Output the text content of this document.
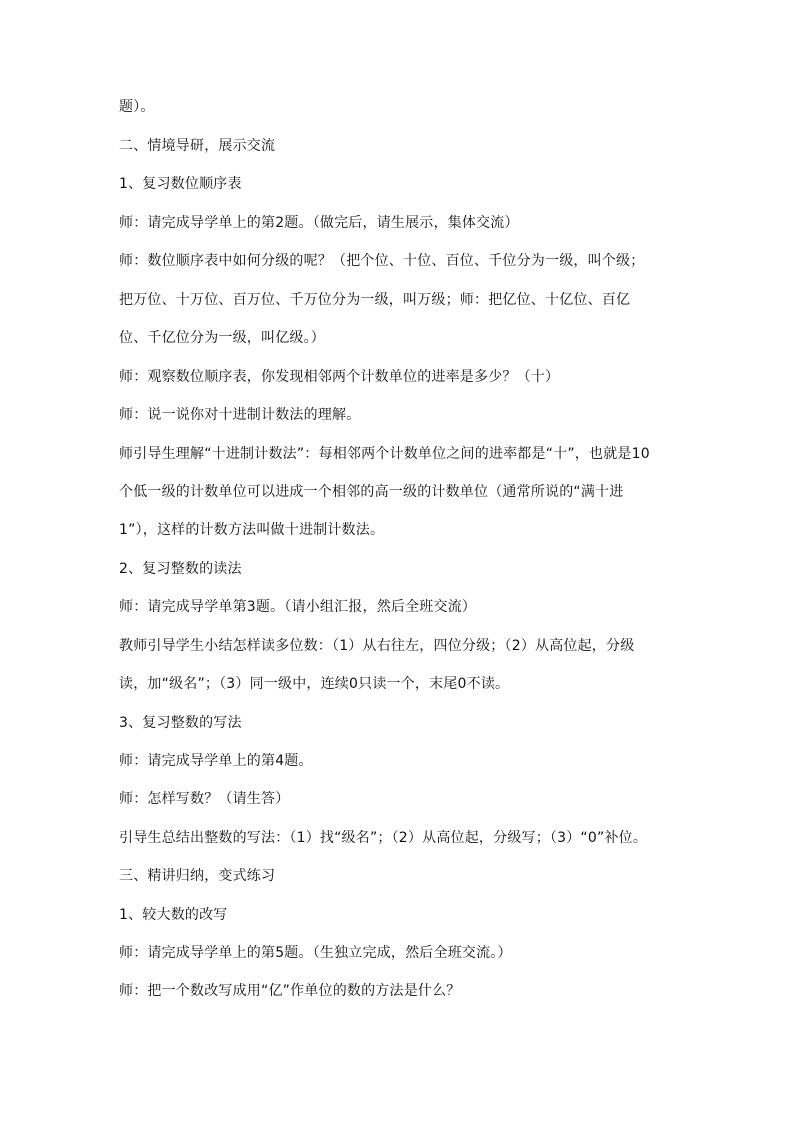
题）。
二、情境导研，展示交流
1、复习数位顺序表
师：请完成导学单上的第2题。（做完后，请生展示，集体交流）
师：数位顺序表中如何分级的呢？（把个位、十位、百位、千位分为一级，叫个级；
把万位、十万位、百万位、千万位分为一级，叫万级；师：把亿位、十亿位、百亿
位、千亿位分为一级，叫亿级。）
师：观察数位顺序表，你发现相邻两个计数单位的进率是多少？（十）
师：说一说你对十进制计数法的理解。
师引导生理解“十进制计数法”：每相邻两个计数单位之间的进率都是“十”，也就是10
个低一级的计数单位可以进成一个相邻的高一级的计数单位（通常所说的“满十进
1”），这样的计数方法叫做十进制计数法。
2、复习整数的读法
师：请完成导学单第3题。（请小组汇报，然后全班交流）
教师引导学生小结怎样读多位数：（1）从右往左，四位分级；（2）从高位起，分级
读，加“级名”；（3）同一级中，连续0只读一个，末尾0不读。
3、复习整数的写法
师：请完成导学单上的第4题。
师：怎样写数？（请生答）
引导生总结出整数的写法：（1）找“级名”；（2）从高位起，分级写；（3）“0”补位。
三、精讲归纳，变式练习
1、较大数的改写
师：请完成导学单上的第5题。（生独立完成，然后全班交流。）
师：把一个数改写成用“亿”作单位的数的方法是什么？
